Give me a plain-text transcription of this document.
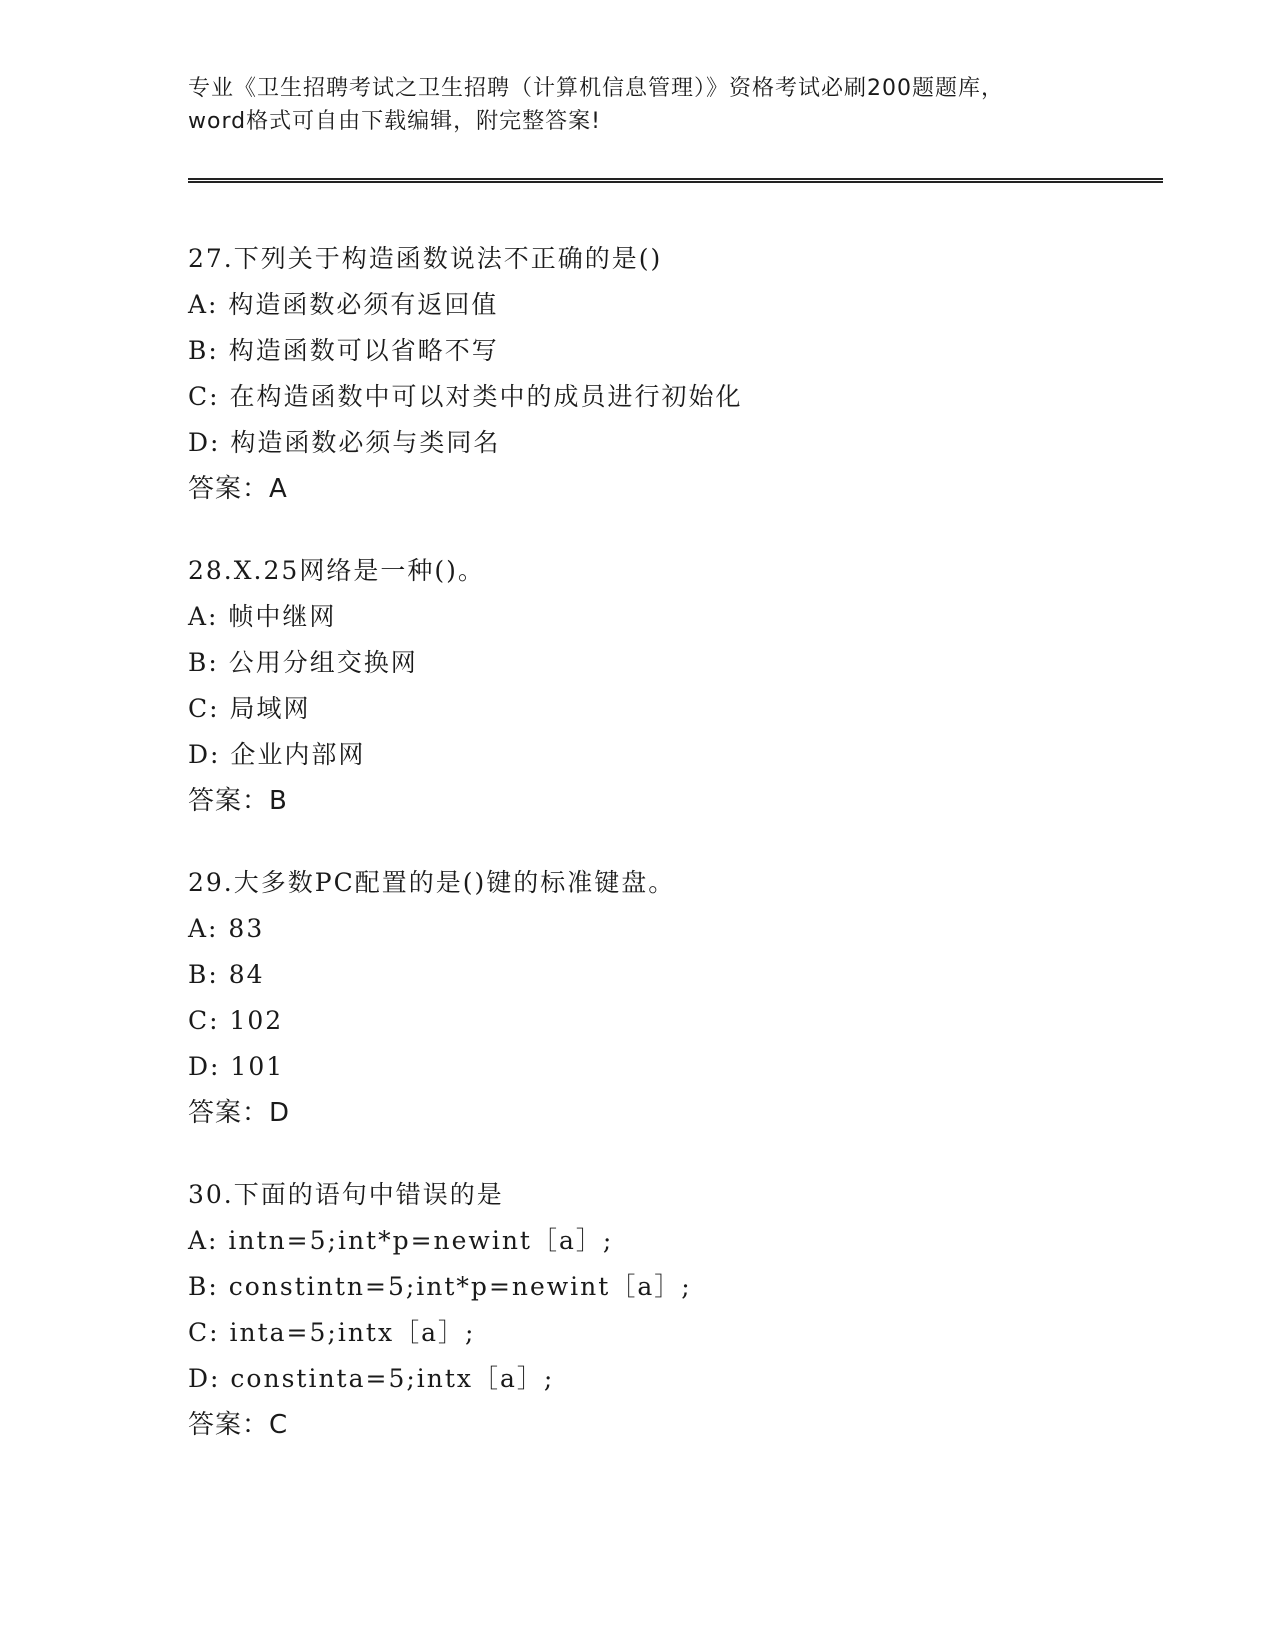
专业《卫生招聘考试之卫生招聘（计算机信息管理）》资格考试必刷200题题库，
word格式可自由下载编辑，附完整答案!
27.下列关于构造函数说法不正确的是()
A: 构造函数必须有返回值
B: 构造函数可以省略不写
C: 在构造函数中可以对类中的成员进行初始化
D: 构造函数必须与类同名
答案：A
28.X.25网络是一种()。
A: 帧中继网
B: 公用分组交换网
C: 局域网
D: 企业内部网
答案：B
29.大多数PC配置的是()键的标准键盘。
A: 83
B: 84
C: 102
D: 101
答案：D
30.下面的语句中错误的是
A: intn=5;int*p=newint［a］;
B: constintn=5;int*p=newint［a］;
C: inta=5;intx［a］;
D: constinta=5;intx［a］;
答案：C
